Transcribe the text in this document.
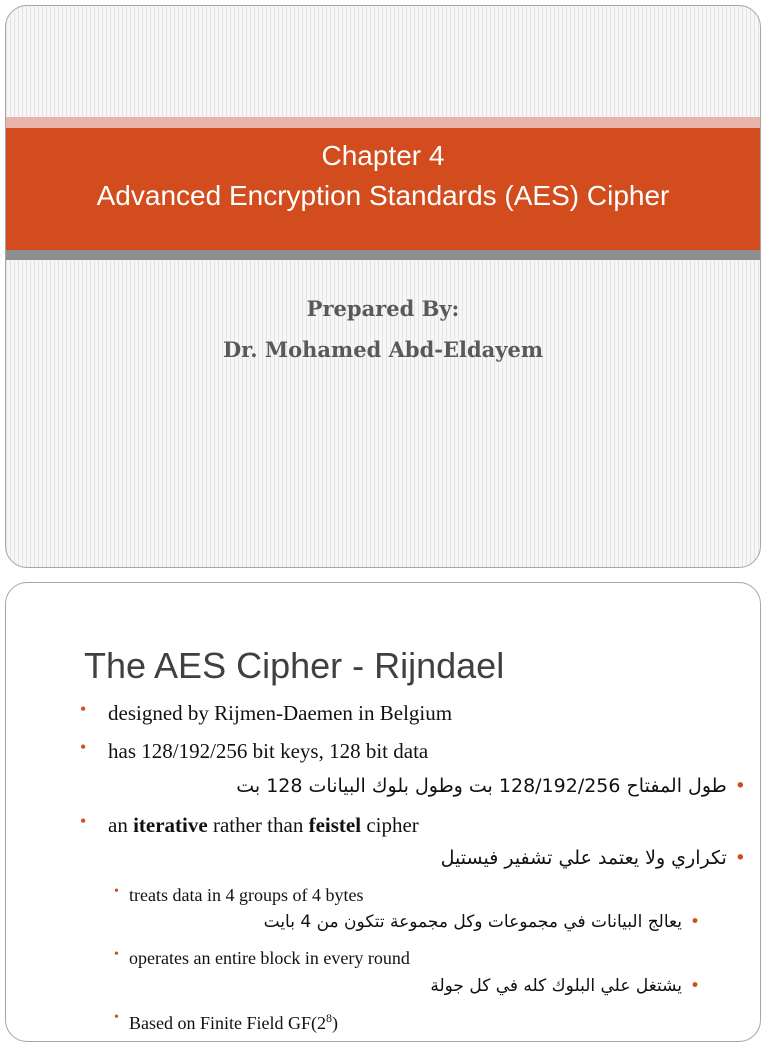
Chapter 4
Advanced Encryption Standards (AES) Cipher
Prepared By:
Dr. Mohamed Abd-Eldayem
The AES Cipher - Rijndael
• designed by Rijmen-Daemen in Belgium
• has 128/192/256 bit keys, 128 bit data
•طول المفتاح 128/192/256 بت وطول بلوك البيانات 128 بت
• an iterative rather than feistel cipher
•تكراري ولا يعتمد علي تشفير فيستيل
• treats data in 4 groups of 4 bytes
•يعالج البيانات في مجموعات وكل مجموعة تتكون من 4 بايت
• operates an entire block in every round
•يشتغل علي البلوك كله في كل جولة
• Based on Finite Field $GF(2^8)$
